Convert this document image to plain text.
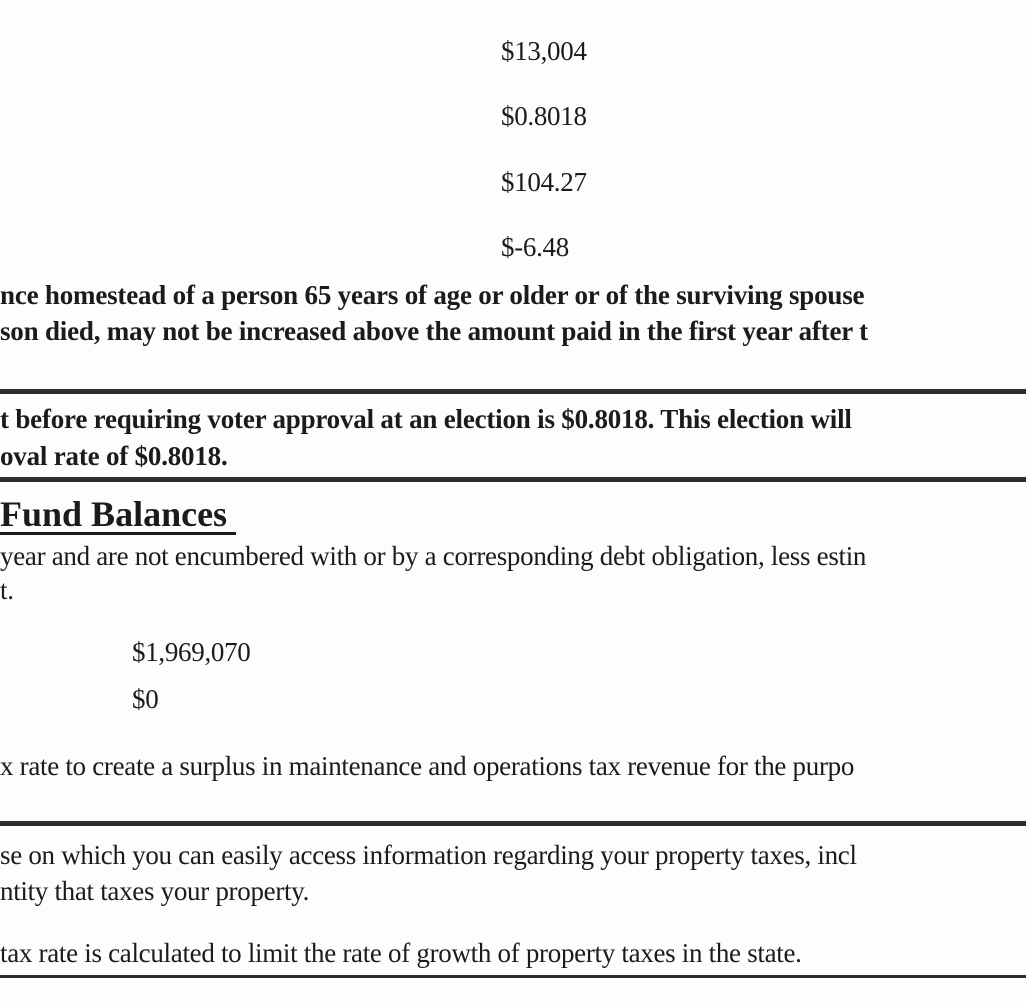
$13,004
$0.8018
$104.27
$-6.48
nce homestead of a person 65 years of age or older or of the surviving spouse
son died, may not be increased above the amount paid in the first year after t
t before requiring voter approval at an election is $0.8018. This election will
oval rate of $0.8018.
Fund Balances
year and are not encumbered with or by a corresponding debt obligation, less estin
t.
$1,969,070
$0
x rate to create a surplus in maintenance and operations tax revenue for the purpo
se on which you can easily access information regarding your property taxes, incl
ntity that taxes your property.
tax rate is calculated to limit the rate of growth of property taxes in the state.
